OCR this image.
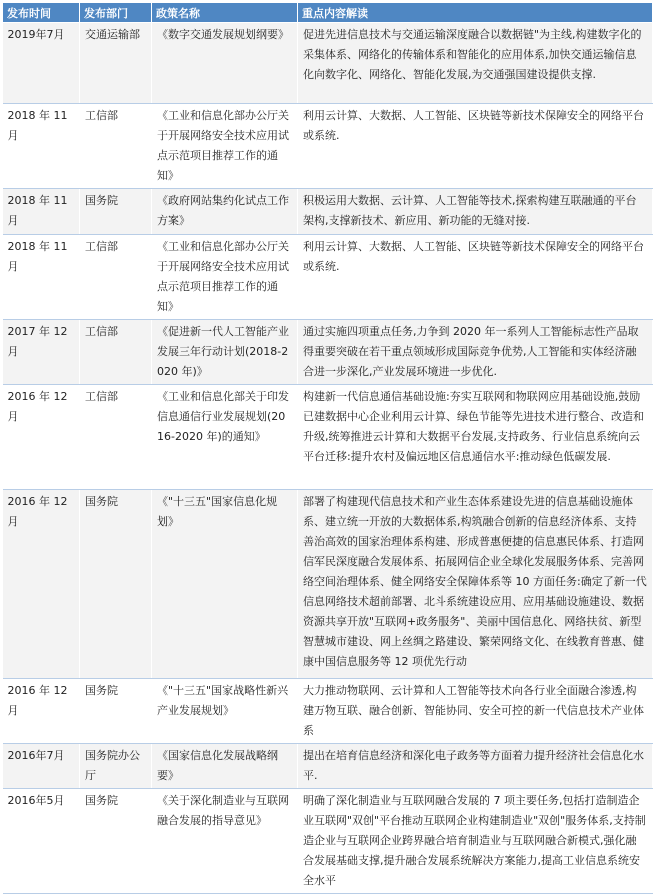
发布时间	发布部门	政策名称	重点内容解读
2019年7月	交通运输部	《数字交通发展规划纲要》	促进先进信息技术与交通运输深度融合以数据链"为主线,构建数字化的采集体系、网络化的传输体系和智能化的应用体系,加快交通运输信息化向数字化、网络化、智能化发展,为交通强国建设提供支撑.
2018 年 11 月	工信部	《工业和信息化部办公厅关于开展网络安全技术应用试点示范项目推荐工作的通知》	利用云计算、大数据、人工智能、区块链等新技术保障安全的网络平台或系统.
2018 年 11 月	国务院	《政府网站集约化试点工作方案》	积极运用大数据、云计算、人工智能等技术,探索构建互联融通的平台架构,支撑新技术、新应用、新功能的无缝对接.
2018 年 11 月	工信部	《工业和信息化部办公厅关于开展网络安全技术应用试点示范项目推荐工作的通知》	利用云计算、大数据、人工智能、区块链等新技术保障安全的网络平台或系统.
2017 年 12 月	工信部	《促进新一代人工智能产业发展三年行动计划(2018-2020 年)》	通过实施四项重点任务,力争到 2020 年一系列人工智能标志性产品取得重要突破在若干重点领域形成国际竞争优势,人工智能和实体经济融合进一步深化,产业发展环境进一步优化.
2016 年 12 月	工信部	《工业和信息化部关于印发信息通信行业发展规划(2016-2020 年)的通知》	构建新一代信息通信基础设施:夯实互联网和物联网应用基础设施,鼓励已建数据中心企业利用云计算、绿色节能等先进技术进行整合、改造和升级,统筹推进云计算和大数据平台发展,支持政务、行业信息系统向云平台迁移:提升农村及偏远地区信息通信水平:推动绿色低碳发展.
2016 年 12 月	国务院	《"十三五"国家信息化规划》	部署了构建现代信息技术和产业生态体系建设先进的信息基础设施体系、建立统一开放的大数据体系,构筑融合创新的信息经济体系、支持善治高效的国家治理体系构建、形成普惠便捷的信息惠民体系、打造网信军民深度融合发展体系、拓展网信企业全球化发展服务体系、完善网络空间治理体系、健全网络安全保障体系等 10 方面任务:确定了新一代信息网络技术超前部署、北斗系统建设应用、应用基础设施建设、数据资源共享开放"互联网+政务服务"、美丽中国信息化、网络扶贫、新型智慧城市建设、网上丝绸之路建设、繁荣网络文化、在线教育普惠、健康中国信息服务等 12 项优先行动
2016 年 12 月	国务院	《"十三五"国家战略性新兴产业发展规划》	大力推动物联网、云计算和人工智能等技术向各行业全面融合渗透,构建万物互联、融合创新、智能协同、安全可控的新一代信息技术产业体系
2016年7月	国务院办公厅	《国家信息化发展战略纲要》	提出在培育信息经济和深化电子政务等方面着力提升经济社会信息化水平.
2016年5月	国务院	《关于深化制造业与互联网融合发展的指导意见》	明确了深化制造业与互联网融合发展的 7 项主要任务,包括打造制造企业互联网"双创"平台推动互联网企业构建制造业"双创"服务体系,支持制造企业与互联网企业跨界融合培育制造业与互联网融合新模式,强化融合发展基础支撑,提升融合发展系统解决方案能力,提高工业信息系统安全水平
